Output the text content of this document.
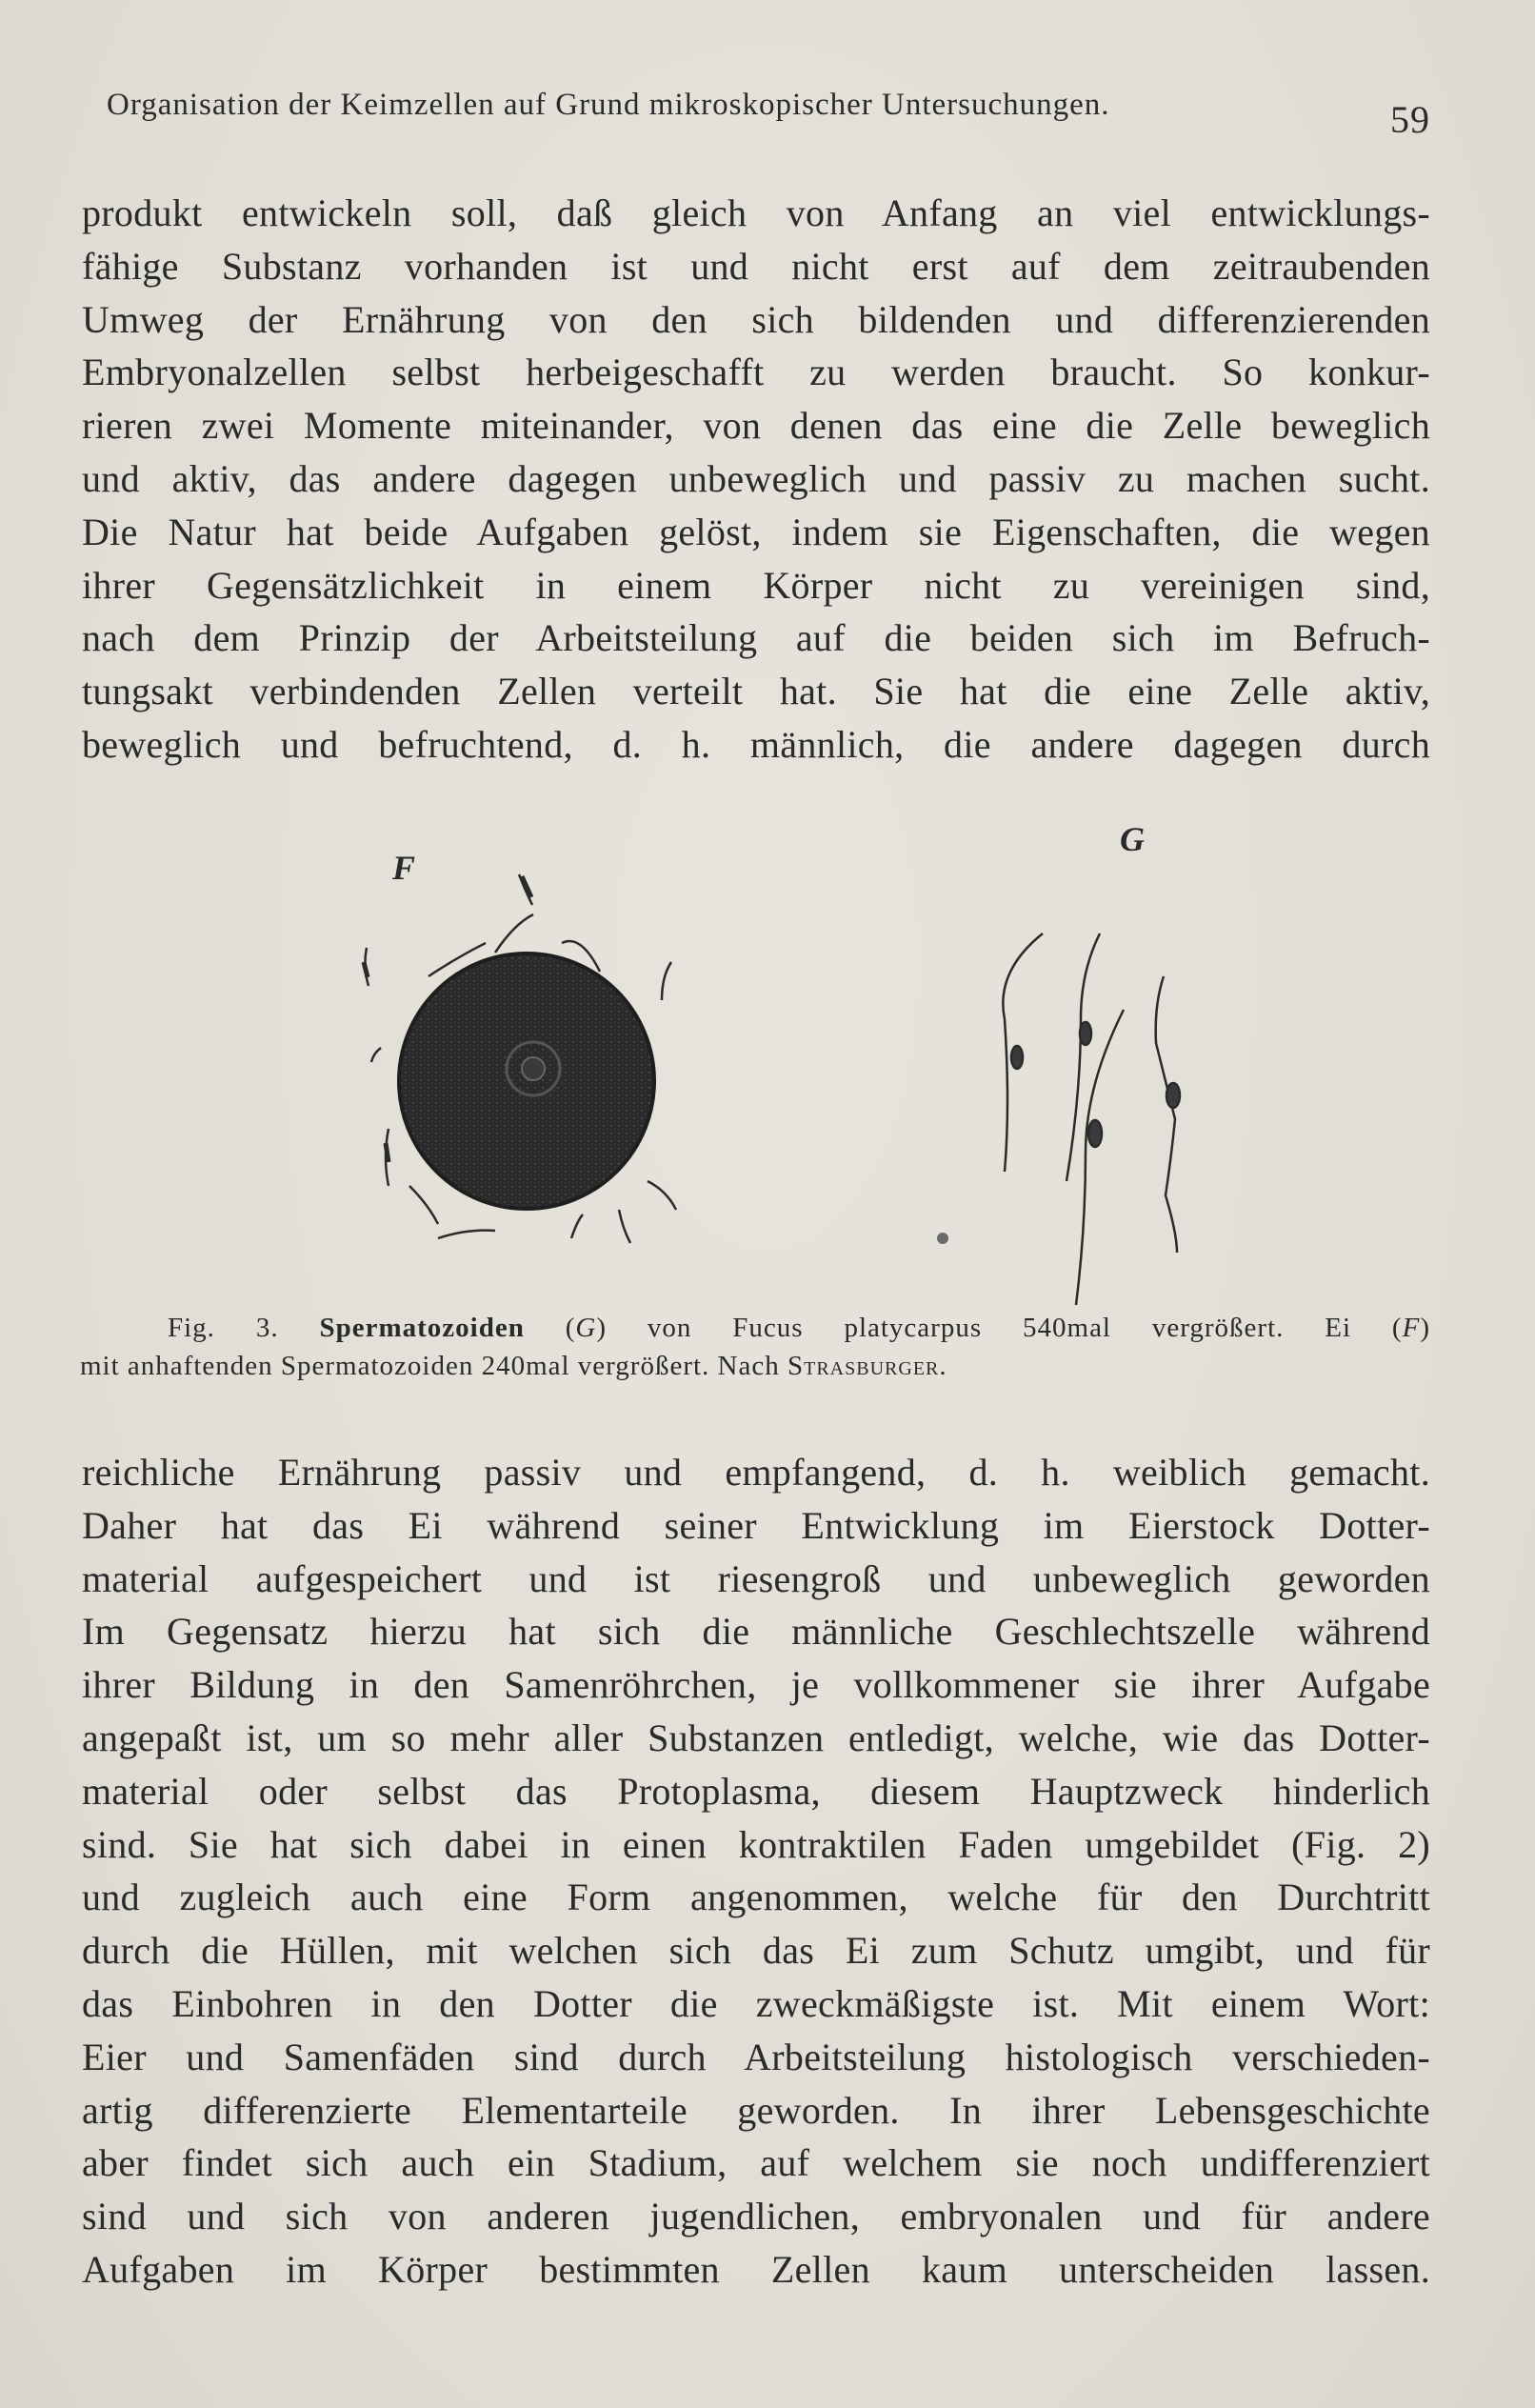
Organisation der Keimzellen auf Grund mikroskopischer Untersuchungen.	59
produkt entwickeln soll, daß gleich von Anfang an viel entwicklungs-
fähige Substanz vorhanden ist und nicht erst auf dem zeitraubenden
Umweg der Ernährung von den sich bildenden und differenzierenden
Embryonalzellen selbst herbeigeschafft zu werden braucht. So konkur-
rieren zwei Momente miteinander, von denen das eine die Zelle beweglich
und aktiv, das andere dagegen unbeweglich und passiv zu machen sucht.
Die Natur hat beide Aufgaben gelöst, indem sie Eigenschaften, die wegen
ihrer Gegensätzlichkeit in einem Körper nicht zu vereinigen sind,
nach dem Prinzip der Arbeitsteilung auf die beiden sich im Befruch-
tungsakt verbindenden Zellen verteilt hat. Sie hat die eine Zelle aktiv,
beweglich und befruchtend, d. h. männlich, die andere dagegen durch
F
G
Fig. 3. Spermatozoiden (G) von Fucus platycarpus 540mal vergrößert. Ei (F)
mit anhaftenden Spermatozoiden 240mal vergrößert. Nach Strasburger.
reichliche Ernährung passiv und empfangend, d. h. weiblich gemacht.
Daher hat das Ei während seiner Entwicklung im Eierstock Dotter-
material aufgespeichert und ist riesengroß und unbeweglich geworden
Im Gegensatz hierzu hat sich die männliche Geschlechtszelle während
ihrer Bildung in den Samenröhrchen, je vollkommener sie ihrer Aufgabe
angepaßt ist, um so mehr aller Substanzen entledigt, welche, wie das Dotter-
material oder selbst das Protoplasma, diesem Hauptzweck hinderlich
sind. Sie hat sich dabei in einen kontraktilen Faden umgebildet (Fig. 2)
und zugleich auch eine Form angenommen, welche für den Durchtritt
durch die Hüllen, mit welchen sich das Ei zum Schutz umgibt, und für
das Einbohren in den Dotter die zweckmäßigste ist. Mit einem Wort:
Eier und Samenfäden sind durch Arbeitsteilung histologisch verschieden-
artig differenzierte Elementarteile geworden. In ihrer Lebensgeschichte
aber findet sich auch ein Stadium, auf welchem sie noch undifferenziert
sind und sich von anderen jugendlichen, embryonalen und für andere
Aufgaben im Körper bestimmten Zellen kaum unterscheiden lassen.
